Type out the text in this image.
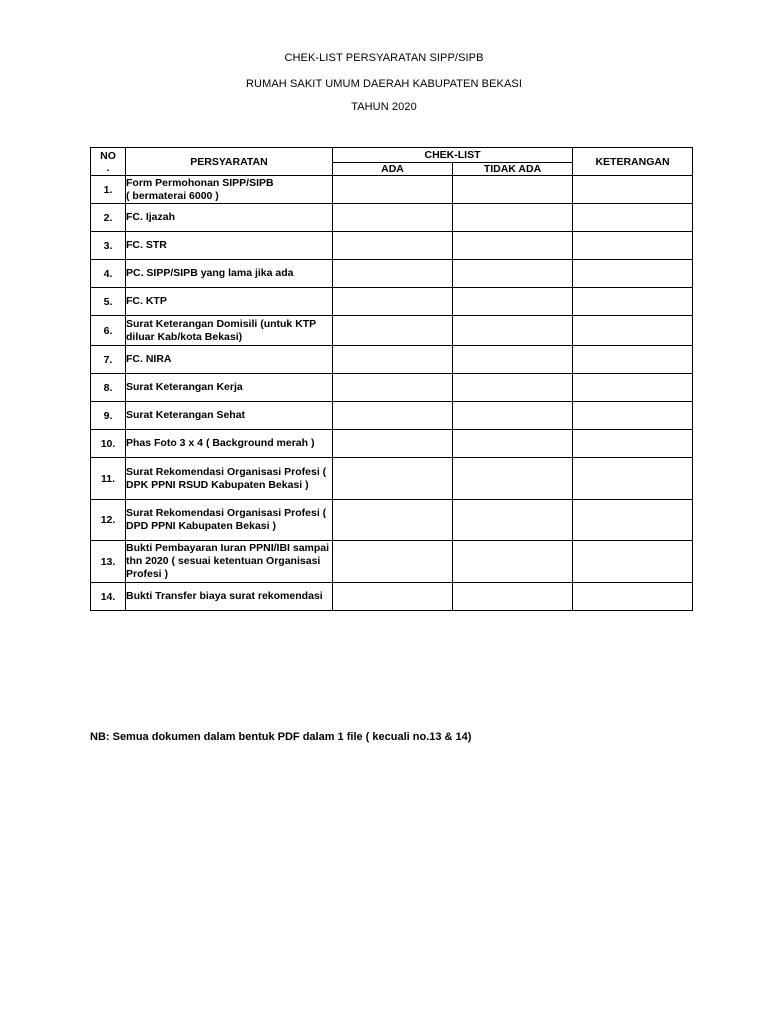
CHEK-LIST PERSYARATAN SIPP/SIPB
RUMAH SAKIT UMUM DAERAH KABUPATEN BEKASI
TAHUN 2020
NO
.	PERSYARATAN	CHEK-LIST		KETERANGAN
		ADA	TIDAK ADA	
1.	Form Permohonan SIPP/SIPB
( bermaterai 6000 )			
2.	FC. Ijazah			
3.	FC. STR			
4.	PC. SIPP/SIPB yang lama jika ada			
5.	FC. KTP			
6.	Surat Keterangan Domisili (untuk KTP diluar Kab/kota Bekasi)			
7.	FC. NIRA			
8.	Surat Keterangan Kerja			
9.	Surat Keterangan Sehat			
10.	Phas Foto 3 x 4 ( Background merah )			
11.	Surat Rekomendasi Organisasi Profesi ( DPK PPNI RSUD Kabupaten Bekasi )			
12.	Surat Rekomendasi Organisasi Profesi ( DPD PPNI Kabupaten Bekasi )			
13.	Bukti Pembayaran Iuran PPNI/IBI sampai thn 2020 ( sesuai ketentuan Organisasi Profesi )			
14.	Bukti Transfer biaya surat rekomendasi			
NB: Semua dokumen dalam bentuk PDF dalam 1 file ( kecuali no.13 & 14)
